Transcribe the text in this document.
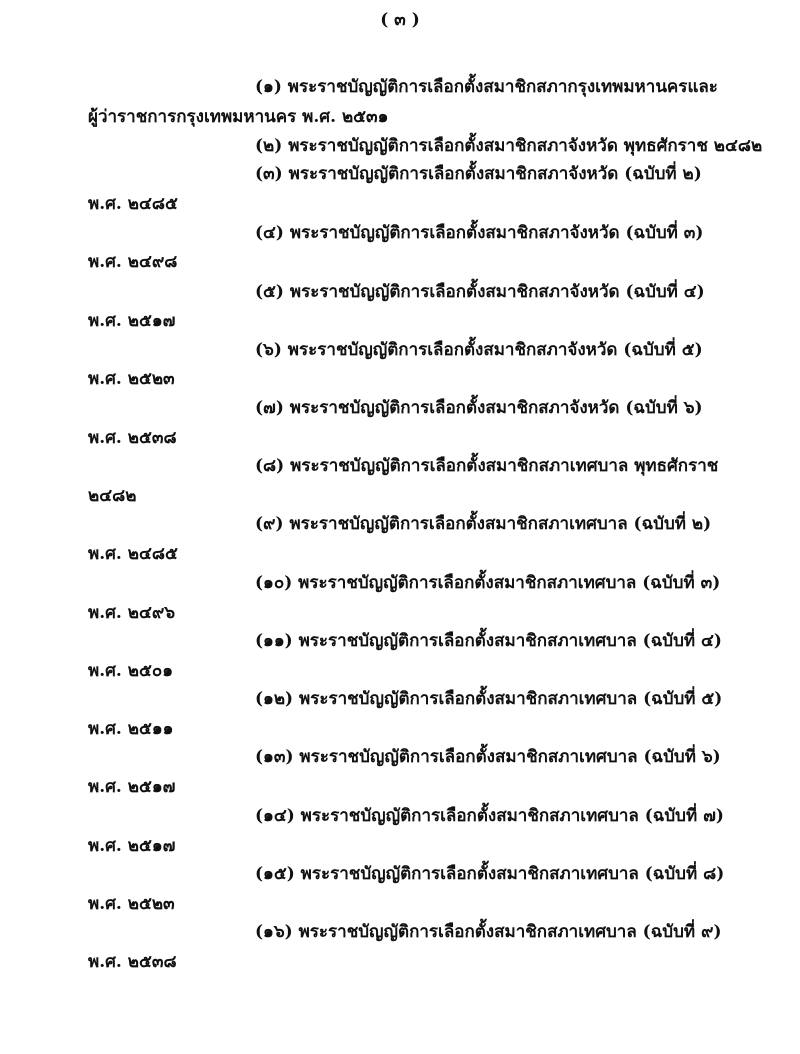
( ๓ )
(๑) พระราชบัญญัติการเลือกตั้งสมาชิกสภากรุงเทพมหานครและ
ผู้ว่าราชการกรุงเทพมหานคร พ.ศ. ๒๕๓๑
(๒) พระราชบัญญัติการเลือกตั้งสมาชิกสภาจังหวัด พุทธศักราช ๒๔๘๒
(๓) พระราชบัญญัติการเลือกตั้งสมาชิกสภาจังหวัด (ฉบับที่ ๒)
พ.ศ. ๒๔๘๕
(๔) พระราชบัญญัติการเลือกตั้งสมาชิกสภาจังหวัด (ฉบับที่ ๓)
พ.ศ. ๒๔๙๘
(๕) พระราชบัญญัติการเลือกตั้งสมาชิกสภาจังหวัด (ฉบับที่ ๔)
พ.ศ. ๒๕๑๗
(๖) พระราชบัญญัติการเลือกตั้งสมาชิกสภาจังหวัด (ฉบับที่ ๕)
พ.ศ. ๒๕๒๓
(๗) พระราชบัญญัติการเลือกตั้งสมาชิกสภาจังหวัด (ฉบับที่ ๖)
พ.ศ. ๒๕๓๘
(๘) พระราชบัญญัติการเลือกตั้งสมาชิกสภาเทศบาล พุทธศักราช
๒๔๘๒
(๙) พระราชบัญญัติการเลือกตั้งสมาชิกสภาเทศบาล (ฉบับที่ ๒)
พ.ศ. ๒๔๘๕
(๑๐) พระราชบัญญัติการเลือกตั้งสมาชิกสภาเทศบาล (ฉบับที่ ๓)
พ.ศ. ๒๔๙๖
(๑๑) พระราชบัญญัติการเลือกตั้งสมาชิกสภาเทศบาล (ฉบับที่ ๔)
พ.ศ. ๒๕๐๑
(๑๒) พระราชบัญญัติการเลือกตั้งสมาชิกสภาเทศบาล (ฉบับที่ ๕)
พ.ศ. ๒๕๑๑
(๑๓) พระราชบัญญัติการเลือกตั้งสมาชิกสภาเทศบาล (ฉบับที่ ๖)
พ.ศ. ๒๕๑๗
(๑๔) พระราชบัญญัติการเลือกตั้งสมาชิกสภาเทศบาล (ฉบับที่ ๗)
พ.ศ. ๒๕๑๗
(๑๕) พระราชบัญญัติการเลือกตั้งสมาชิกสภาเทศบาล (ฉบับที่ ๘)
พ.ศ. ๒๕๒๓
(๑๖) พระราชบัญญัติการเลือกตั้งสมาชิกสภาเทศบาล (ฉบับที่ ๙)
พ.ศ. ๒๕๓๘
